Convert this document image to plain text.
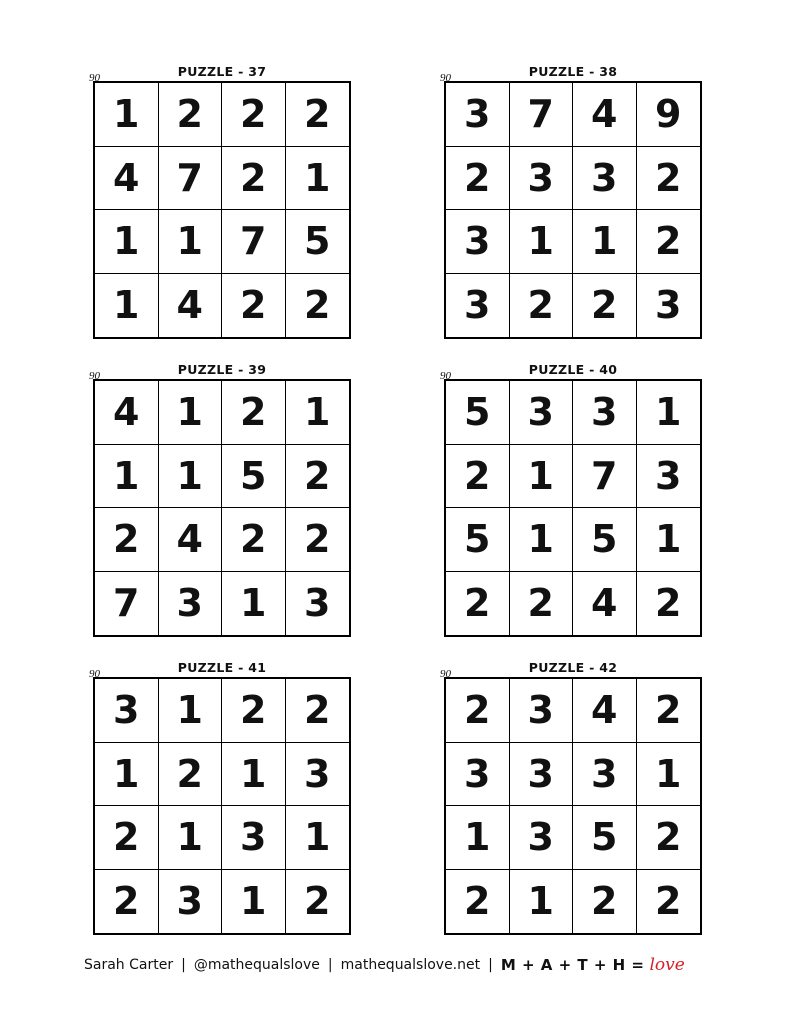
PUZZLE - 37
90
1 2 2 2
4 7 2 1
1 1 7 5
1 4 2 2
PUZZLE - 38
90
3 7 4 9
2 3 3 2
3 1 1 2
3 2 2 3
PUZZLE - 39
90
4 1 2 1
1 1 5 2
2 4 2 2
7 3 1 3
PUZZLE - 40
90
5 3 3 1
2 1 7 3
5 1 5 1
2 2 4 2
PUZZLE - 41
90
3 1 2 2
1 2 1 3
2 1 3 1
2 3 1 2
PUZZLE - 42
90
2 3 4 2
3 3 3 1
1 3 5 2
2 1 2 2
Sarah Carter | @mathequalslove | mathequalslove.net | M + A + T + H = love
